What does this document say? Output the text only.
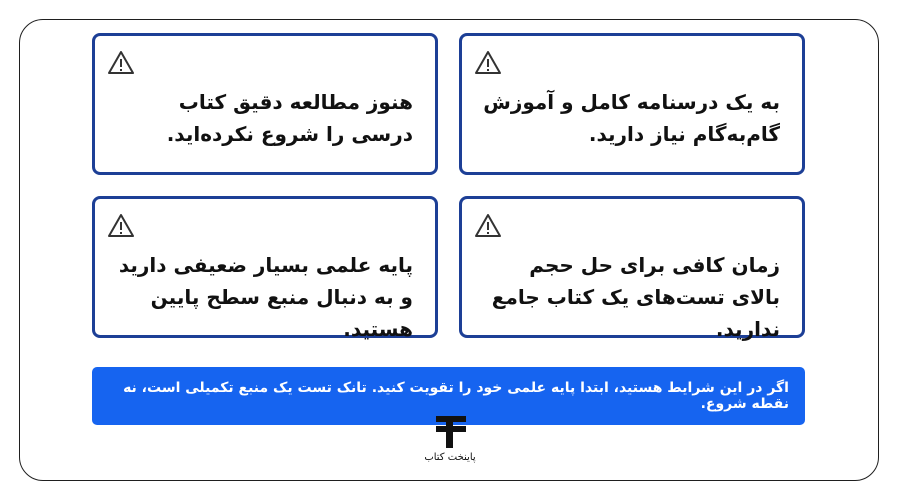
به یک درسنامه کامل و آموزش گام‌به‌گام نیاز دارید.
هنوز مطالعه دقیق کتاب درسی را شروع نکرده‌اید.
زمان کافی برای حل حجم بالای تست‌های یک کتاب جامع ندارید.
پایه علمی بسیار ضعیفی دارید و به دنبال منبع سطح پایین هستید.
اگر در این شرایط هستید، ابتدا پایه علمی خود را تقویت کنید. تانک تست یک منبع تکمیلی است، نه نقطه شروع.
پاینخت کتاب
